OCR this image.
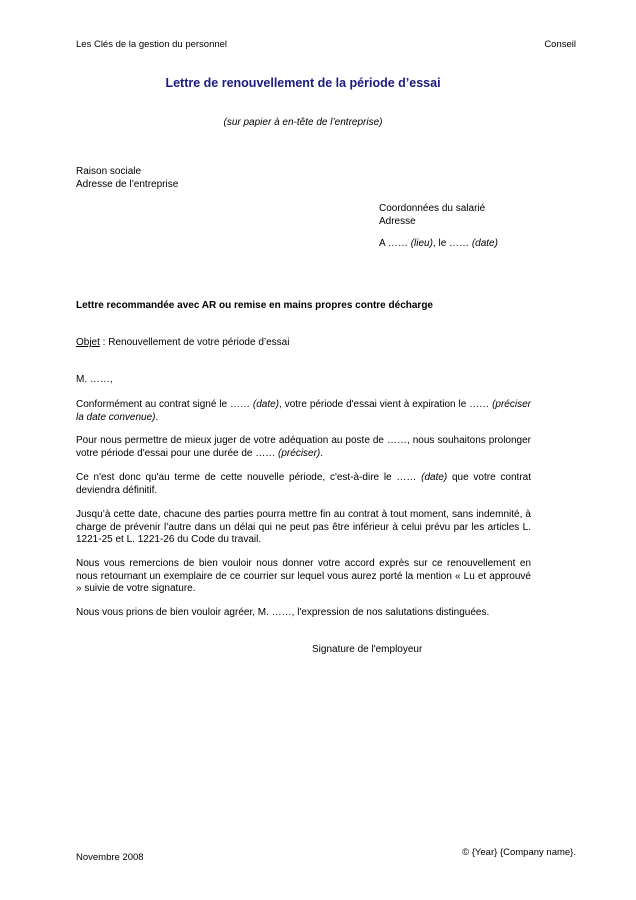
Les Clés de la gestion du personnel	Conseil
Lettre de renouvellement de la période d’essai
(sur papier à en-tête de l’entreprise)
Raison sociale
Adresse de l’entreprise
Coordonnées du salarié
Adresse
A …… (lieu), le …… (date)
Lettre recommandée avec AR ou remise en mains propres contre décharge
Objet : Renouvellement de votre période d’essai
M. ……,

Conformément au contrat signé le …… (date), votre période d'essai vient à expiration le …… (préciser la date convenue).

Pour nous permettre de mieux juger de votre adéquation au poste de ……, nous souhaitons prolonger votre période d'essai pour une durée de …… (préciser).

Ce n'est donc qu'au terme de cette nouvelle période, c'est-à-dire le …… (date) que votre contrat deviendra définitif.

Jusqu’à cette date, chacune des parties pourra mettre fin au contrat à tout moment, sans indemnité, à charge de prévenir l’autre dans un délai qui ne peut pas être inférieur à celui prévu par les articles L. 1221-25 et L. 1221-26 du Code du travail.

Nous vous remercions de bien vouloir nous donner votre accord exprès sur ce renouvellement en nous retournant un exemplaire de ce courrier sur lequel vous aurez porté la mention « Lu et approuvé » suivie de votre signature.

Nous vous prions de bien vouloir agréer, M. ……, l'expression de nos salutations distinguées.

Signature de l'employeur
Novembre 2008	© {Year} {Company name}.
